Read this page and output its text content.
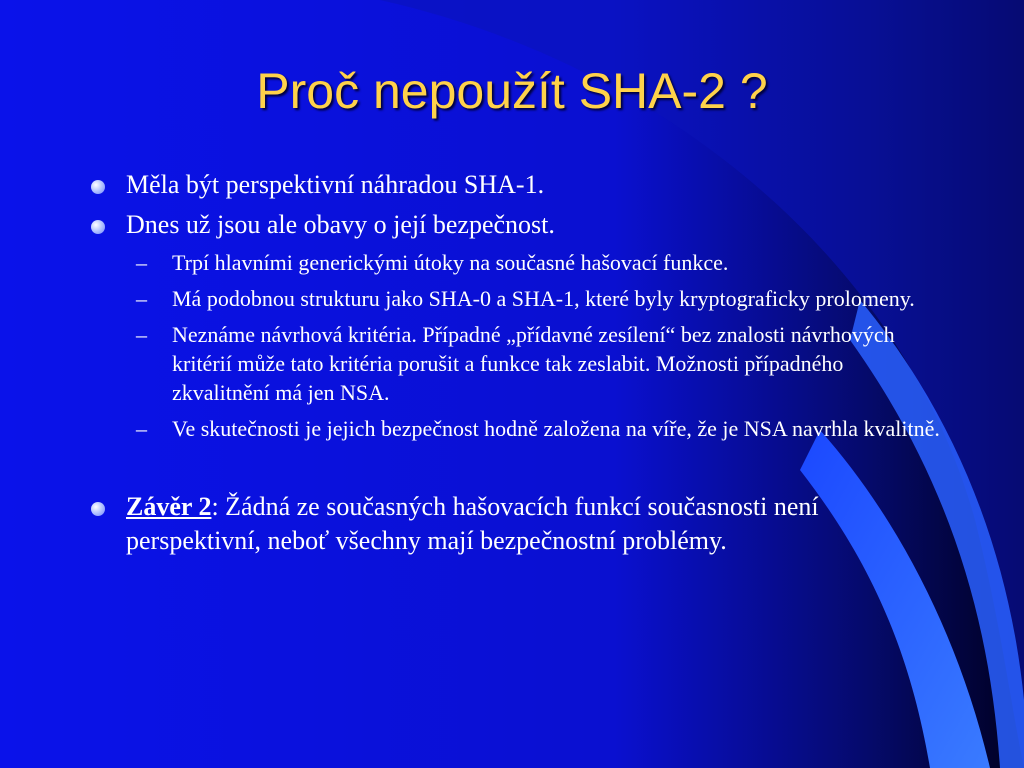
Proč nepoužít SHA-2 ?
Měla být perspektivní náhradou SHA-1.
Dnes už jsou ale obavy o její bezpečnost.
– Trpí hlavními generickými útoky na současné hašovací funkce.
– Má podobnou strukturu jako SHA-0 a SHA-1, které byly kryptograficky prolomeny.
– Neznáme návrhová kritéria. Případné „přídavné zesílení“ bez znalosti návrhových kritérií může tato kritéria porušit a funkce tak zeslabit. Možnosti případného zkvalitnění má jen NSA.
– Ve skutečnosti je jejich bezpečnost hodně založena na víře, že je NSA navrhla kvalitně.
Závěr 2: Žádná ze současných hašovacích funkcí současnosti není perspektivní, neboť všechny mají bezpečnostní problémy.
